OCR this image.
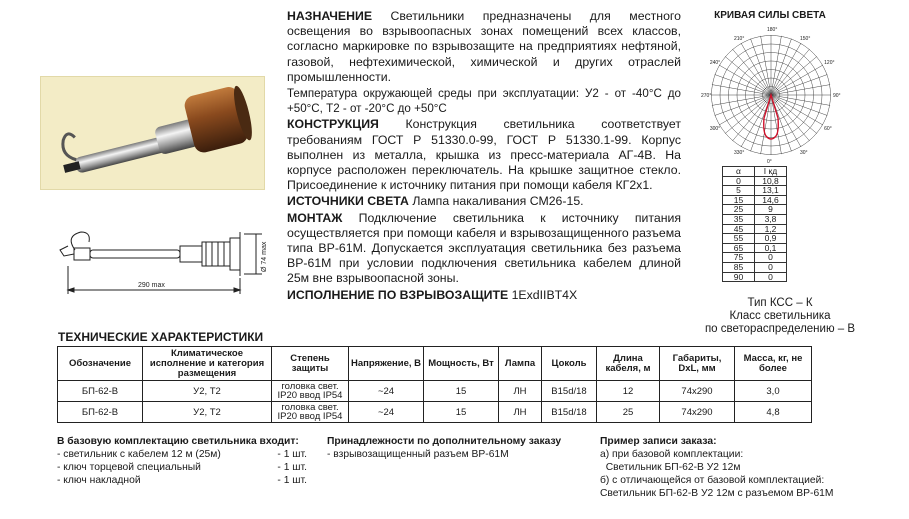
290 max
Ø 74 max

НАЗНАЧЕНИЕ Светильники предназначены для местного освещения во взрывоопасных зонах помещений всех классов, согласно маркировке по взрывозащите на предприятиях нефтяной, газовой, нефтехимической, химической и других отраслей промышленности.

Температура окружающей среды при эксплуатации: У2 - от -40°С до +50°С, Т2 - от -20°С до +50°С

КОНСТРУКЦИЯ Конструкция светильника соответствует требованиям ГОСТ Р 51330.0-99, ГОСТ Р 51330.1-99. Корпус выполнен из металла, крышка из пресс-материала АГ-4В. На корпусе расположен переключатель. На крышке защитное стекло. Присоединение к источнику питания при помощи кабеля КГ2х1.

ИСТОЧНИКИ СВЕТА Лампа накаливания СМ26-15.

МОНТАЖ Подключение светильника к источнику питания осуществляется при помощи кабеля и взрывозащищенного разъема типа ВР-61М. Допускается эксплуатация светильника без разъема ВР-61М при условии подключения светильника кабелем длиной 25м вне взрывоопасной зоны.

ИСПОЛНЕНИЕ ПО ВЗРЫВОЗАЩИТЕ 1ExdIIBT4X

КРИВАЯ СИЛЫ СВЕТА
0°
30°
60°
90°
120°
150°
180°
210°
240°
270°
300°
330°
α	I кд
0	10,8
5	13,1
15	14,6
25	9
35	3,8
45	1,2
55	0,9
65	0,1
75	0
85	0
90	0
Тип КСС – К
Класс светильника
по светораспределению – В
ТЕХНИЧЕСКИЕ ХАРАКТЕРИСТИКИ
Обозначение	Климатическое исполнение и категория размещения	Степень защиты	Напряжение, В	Мощность, Вт	Лампа	Цоколь	Длина кабеля, м	Габариты, DxL, мм	Масса, кг, не более
БП-62-В	У2, Т2	головка свет. IP20 ввод IP54	~24	15	ЛН	В15d/18	12	74х290	3,0
БП-62-В	У2, Т2	головка свет. IP20 ввод IP54	~24	15	ЛН	В15d/18	25	74х290	4,8
В базовую комплектацию светильника входит:
- светильник с кабелем 12 м (25м)	- 1 шт.
- ключ торцевой специальный	- 1 шт.
- ключ накладной	- 1 шт.
Принадлежности по дополнительному заказу
- взрывозащищенный разъем ВР-61М
Пример записи заказа:
а) при базовой комплектации:
Светильник БП-62-В У2 12м
б) с отличающейся от базовой комплектацией:
Светильник БП-62-В У2 12м с разъемом ВР-61М
